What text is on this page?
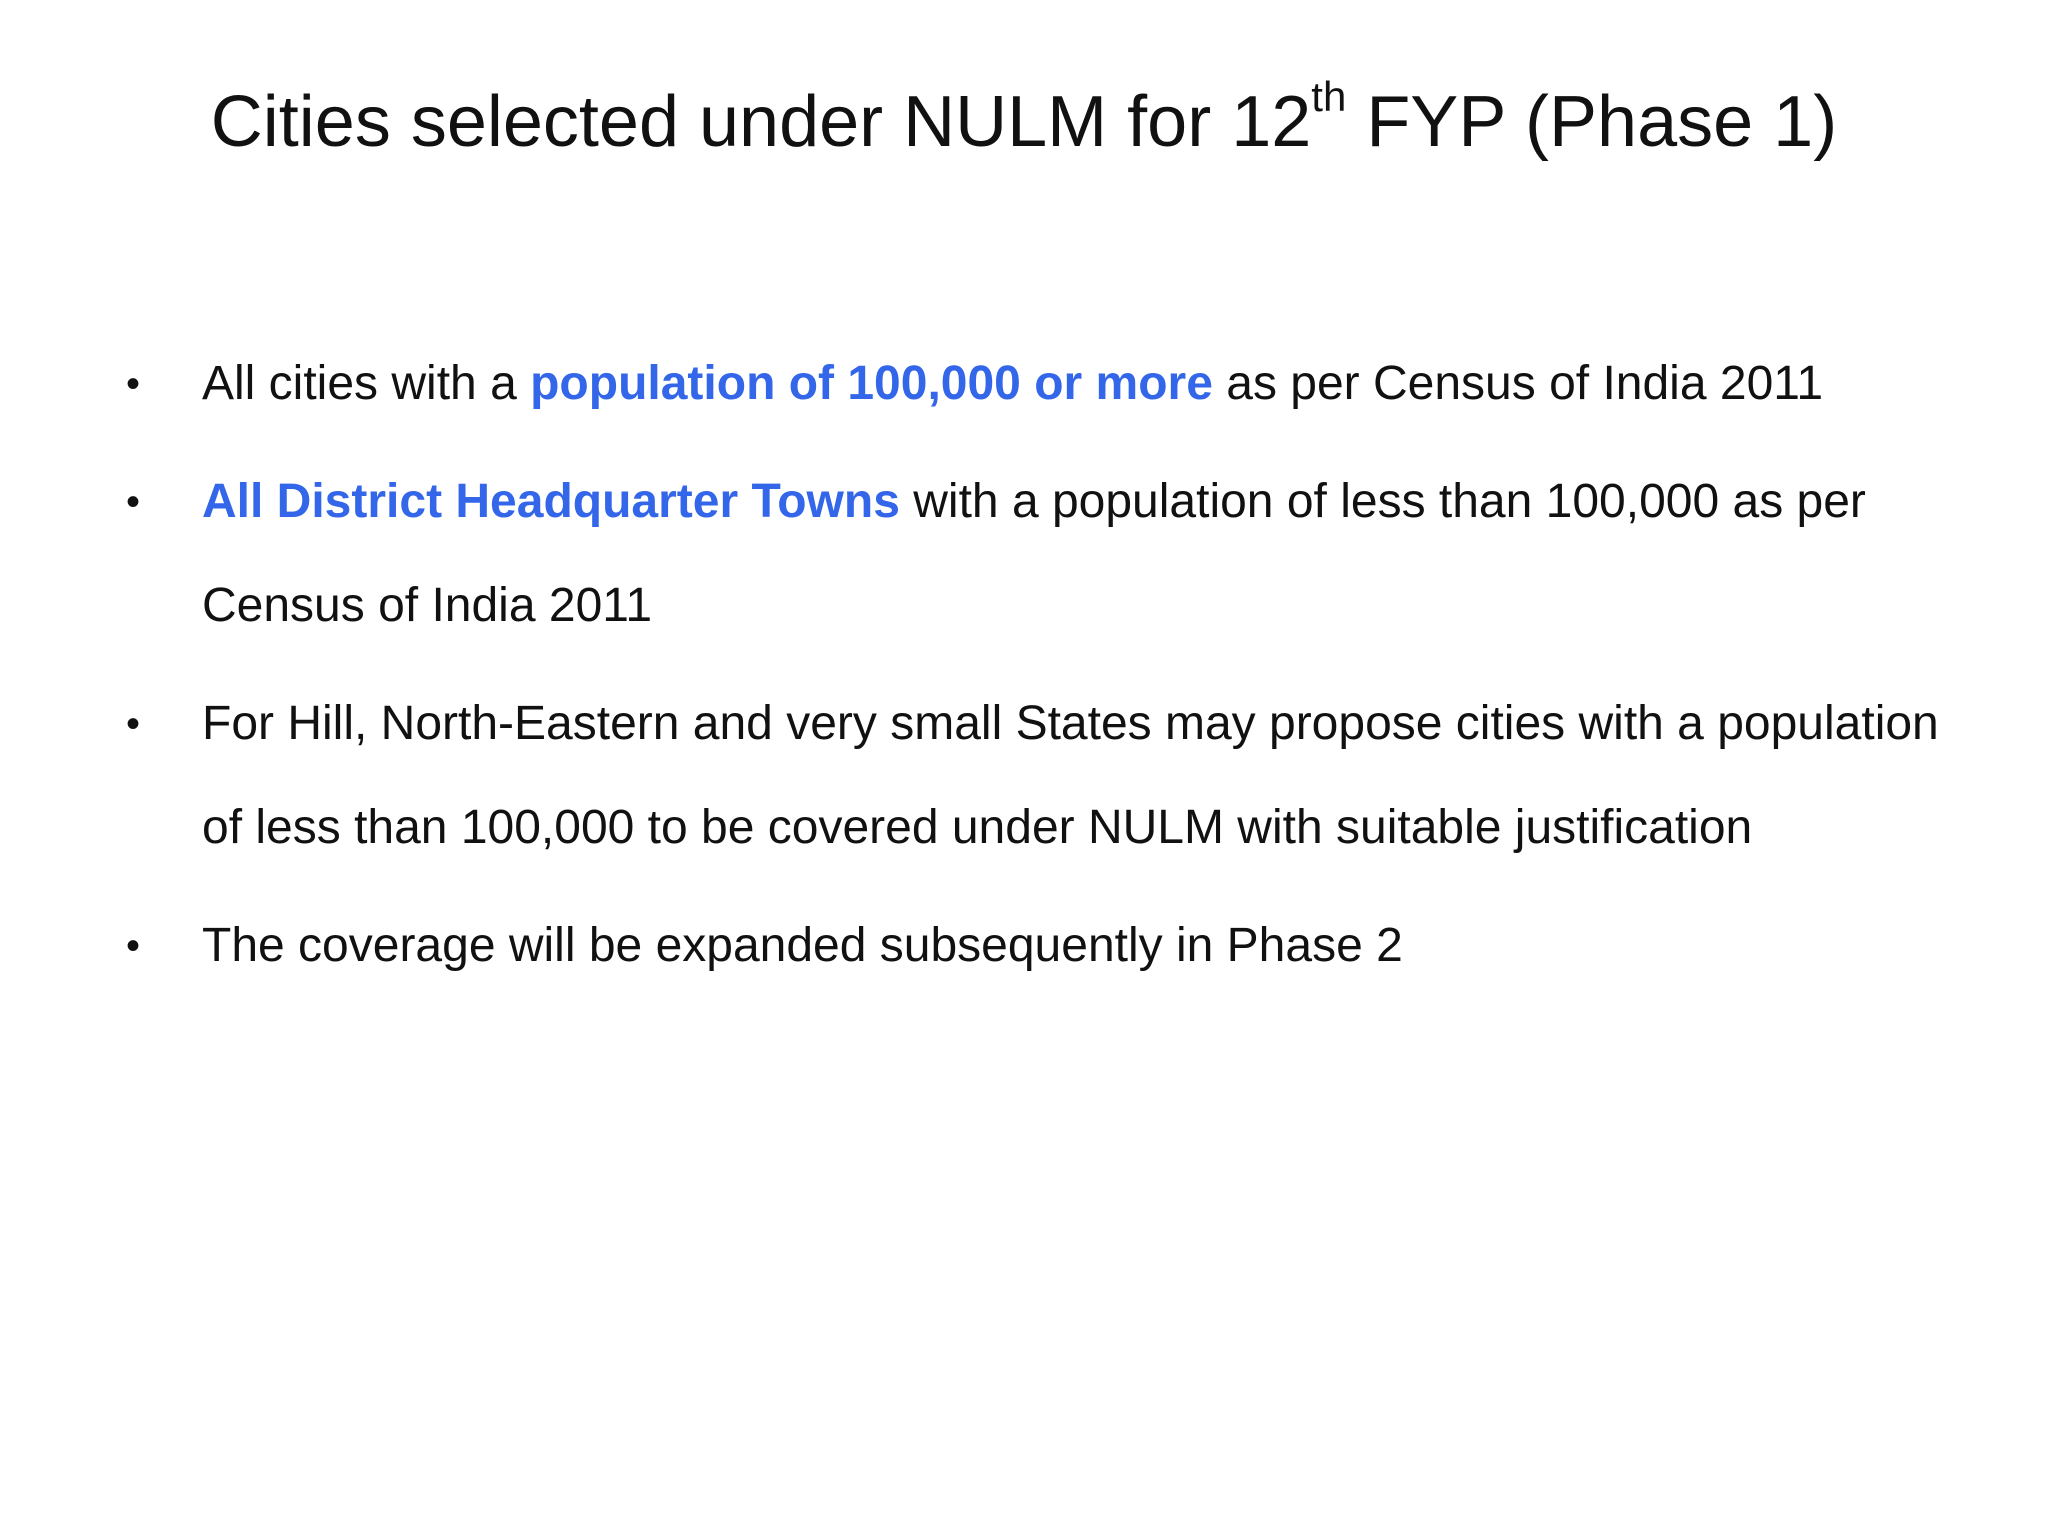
Cities selected under NULM for 12th FYP (Phase 1)
•	All cities with a population of 100,000 or more as per Census of India 2011
•	All District Headquarter Towns with a population of less than 100,000 as per Census of India 2011
•	For Hill, North-Eastern and very small States may propose cities with a population of less than 100,000 to be covered under NULM with suitable justification
•	The coverage will be expanded subsequently in Phase 2
